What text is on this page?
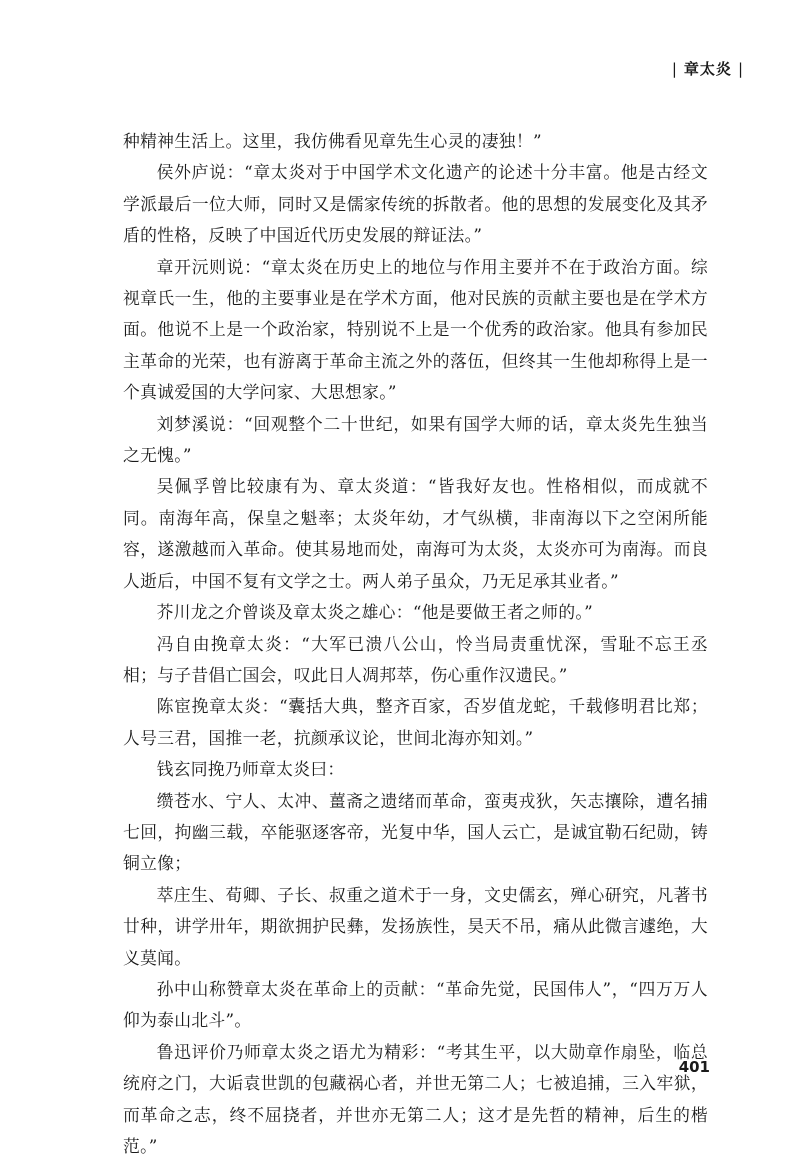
| 章太炎 |

种精神生活上。这里，我仿佛看见章先生心灵的凄独！”

侯外庐说：“章太炎对于中国学术文化遗产的论述十分丰富。他是古经文学派最后一位大师，同时又是儒家传统的拆散者。他的思想的发展变化及其矛盾的性格，反映了中国近代历史发展的辩证法。”

章开沅则说：“章太炎在历史上的地位与作用主要并不在于政治方面。综视章氏一生，他的主要事业是在学术方面，他对民族的贡献主要也是在学术方面。他说不上是一个政治家，特别说不上是一个优秀的政治家。他具有参加民主革命的光荣，也有游离于革命主流之外的落伍，但终其一生他却称得上是一个真诚爱国的大学问家、大思想家。”

刘梦溪说：“回观整个二十世纪，如果有国学大师的话，章太炎先生独当之无愧。”

吴佩孚曾比较康有为、章太炎道：“皆我好友也。性格相似，而成就不同。南海年高，保皇之魁率；太炎年幼，才气纵横，非南海以下之空闲所能容，遂激越而入革命。使其易地而处，南海可为太炎，太炎亦可为南海。而良人逝后，中国不复有文学之士。两人弟子虽众，乃无足承其业者。”

芥川龙之介曾谈及章太炎之雄心：“他是要做王者之师的。”

冯自由挽章太炎：“大军已溃八公山，怜当局责重忧深，雪耻不忘王丞相；与子昔倡亡国会，叹此日人凋邦萃，伤心重作汉遗民。”

陈宦挽章太炎：“囊括大典，整齐百家，否岁值龙蛇，千载修明君比郑；人号三君，国推一老，抗颜承议论，世间北海亦知刘。”

钱玄同挽乃师章太炎曰：

缵苍水、宁人、太冲、薑斋之遗绪而革命，蛮夷戎狄，矢志攘除，遭名捕七回，拘幽三载，卒能驱逐客帝，光复中华，国人云亡，是诚宜勒石纪勋，铸铜立像；

萃庄生、荀卿、子长、叔重之道术于一身，文史儒玄，殚心研究，凡著书廿种，讲学卅年，期欲拥护民彝，发扬族性，昊天不吊，痛从此微言遽绝，大义莫闻。

孙中山称赞章太炎在革命上的贡献：“革命先觉，民国伟人”，“四万万人仰为泰山北斗”。

鲁迅评价乃师章太炎之语尤为精彩：“考其生平，以大勋章作扇坠，临总统府之门，大诟袁世凯的包藏祸心者，并世无第二人；七被追捕，三入牢狱，而革命之志，终不屈挠者，并世亦无第二人；这才是先哲的精神，后生的楷范。”

401
